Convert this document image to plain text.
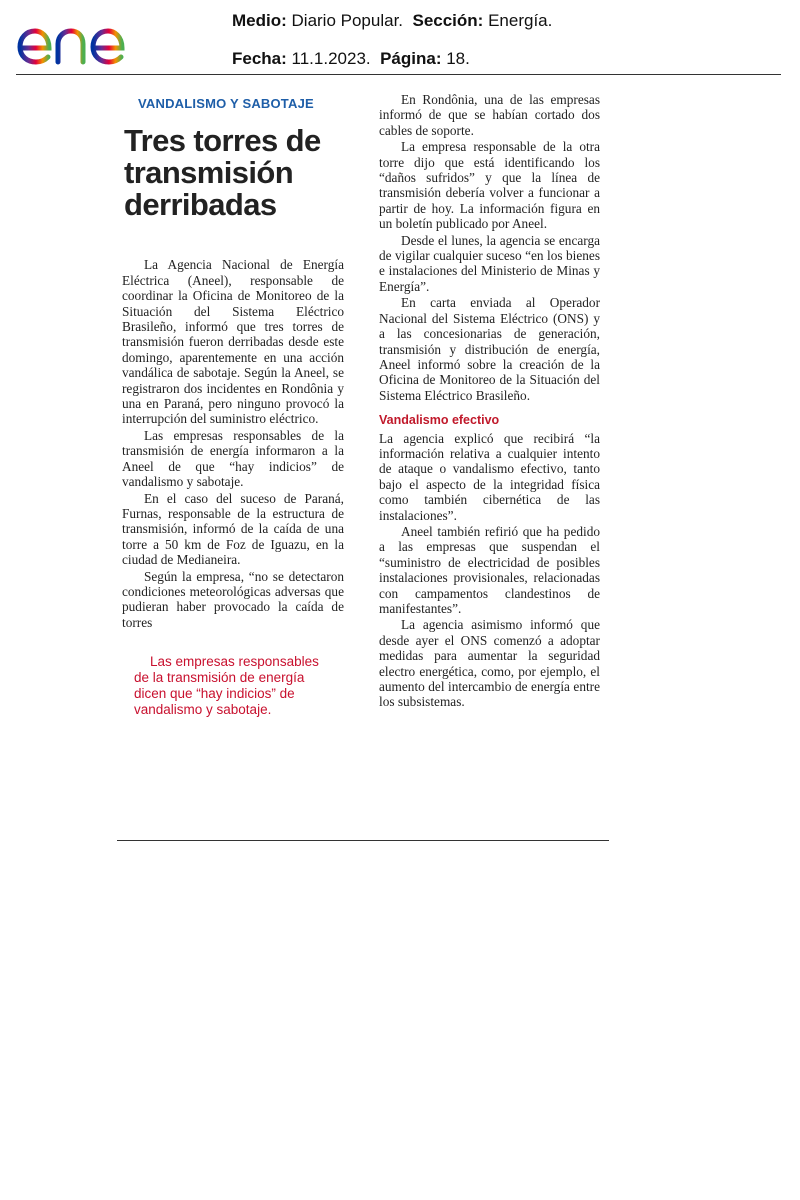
Medio: Diario Popular. Sección: Energía.
Fecha: 11.1.2023. Página: 18.
VANDALISMO Y SABOTAJE
Tres torres de transmisión derribadas

La Agencia Nacional de Energía Eléctrica (Aneel), responsable de coordinar la Oficina de Monitoreo de la Situación del Sistema Eléctrico Brasileño, informó que tres torres de transmisión fueron derribadas desde este domingo, aparentemente en una acción vandálica de sabotaje. Según la Aneel, se registraron dos incidentes en Rondônia y una en Paraná, pero ninguno provocó la interrupción del suministro eléctrico.

Las empresas responsables de la transmisión de energía informaron a la Aneel de que “hay indicios” de vandalismo y sabotaje.

En el caso del suceso de Paraná, Furnas, responsable de la estructura de transmisión, informó de la caída de una torre a 50 km de Foz de Iguazu, en la ciudad de Medianeira.

Según la empresa, “no se detectaron condiciones meteorológicas adversas que pudieran haber provocado la caída de torres

Las empresas responsables
de la transmisión de energía
dicen que “hay indicios” de
vandalismo y sabotaje.

En Rondônia, una de las empresas informó de que se habían cortado dos cables de soporte.

La empresa responsable de la otra torre dijo que está identificando los “daños sufridos” y que la línea de transmisión debería volver a funcionar a partir de hoy. La información figura en un boletín publicado por Aneel.

Desde el lunes, la agencia se encarga de vigilar cualquier suceso “en los bienes e instalaciones del Ministerio de Minas y Energía”.

En carta enviada al Operador Nacional del Sistema Eléctrico (ONS) y a las concesionarias de generación, transmisión y distribución de energía, Aneel informó sobre la creación de la Oficina de Monitoreo de la Situación del Sistema Eléctrico Brasileño.

Vandalismo efectivo

La agencia explicó que recibirá “la información relativa a cualquier intento de ataque o vandalismo efectivo, tanto bajo el aspecto de la integridad física como también cibernética de las instalaciones”.

Aneel también refirió que ha pedido a las empresas que suspendan el “suministro de electricidad de posibles instalaciones provisionales, relacionadas con campamentos clandestinos de manifestantes”.

La agencia asimismo informó que desde ayer el ONS comenzó a adoptar medidas para aumentar la seguridad electro energética, como, por ejemplo, el aumento del intercambio de energía entre los subsistemas.
